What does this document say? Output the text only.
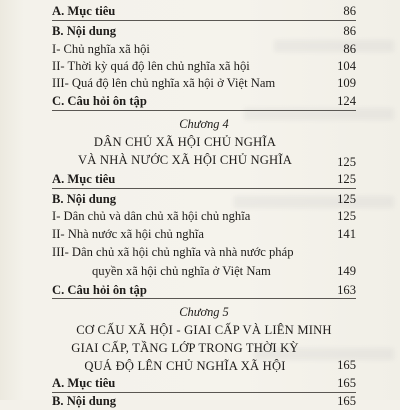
A. Mục tiêu	86
B. Nội dung	86
I- Chủ nghĩa xã hội	86
II- Thời kỳ quá độ lên chủ nghĩa xã hội	104
III- Quá độ lên chủ nghĩa xã hội ở Việt Nam	109
C. Câu hỏi ôn tập	124
Chương 4
DÂN CHỦ XÃ HỘI CHỦ NGHĨA
VÀ NHÀ NƯỚC XÃ HỘI CHỦ NGHĨA	125
A. Mục tiêu	125
B. Nội dung	125
I- Dân chủ và dân chủ xã hội chủ nghĩa	125
II- Nhà nước xã hội chủ nghĩa	141
III- Dân chủ xã hội chủ nghĩa và nhà nước pháp
quyền xã hội chủ nghĩa ở Việt Nam	149
C. Câu hỏi ôn tập	163
Chương 5
CƠ CẤU XÃ HỘI - GIAI CẤP VÀ LIÊN MINH
GIAI CẤP, TẦNG LỚP TRONG THỜI KỲ
QUÁ ĐỘ LÊN CHỦ NGHĨA XÃ HỘI	165
A. Mục tiêu	165
B. Nội dung	165
